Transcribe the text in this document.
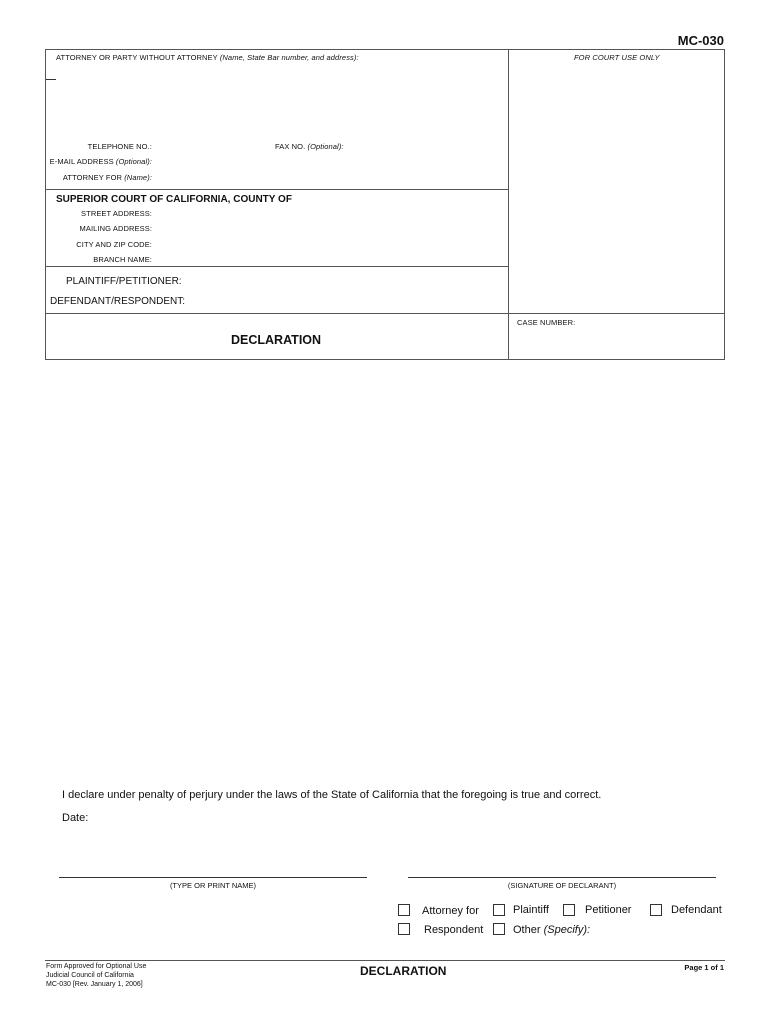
MC-030
ATTORNEY OR PARTY WITHOUT ATTORNEY (Name, State Bar number, and address):	FOR COURT USE ONLY
TELEPHONE NO.:	FAX NO. (Optional):
E-MAIL ADDRESS (Optional):
ATTORNEY FOR (Name):
SUPERIOR COURT OF CALIFORNIA, COUNTY OF
STREET ADDRESS:
MAILING ADDRESS:
CITY AND ZIP CODE:
BRANCH NAME:
PLAINTIFF/PETITIONER:
DEFENDANT/RESPONDENT:
DECLARATION
CASE NUMBER:
I declare under penalty of perjury under the laws of the State of California that the foregoing is true and correct.
Date:
(TYPE OR PRINT NAME)	(SIGNATURE OF DECLARANT)
Attorney for	Plaintiff	Petitioner	Defendant
Respondent	Other (Specify):
Form Approved for Optional Use
Judicial Council of California
MC-030 [Rev. January 1, 2006]
DECLARATION	Page 1 of 1
